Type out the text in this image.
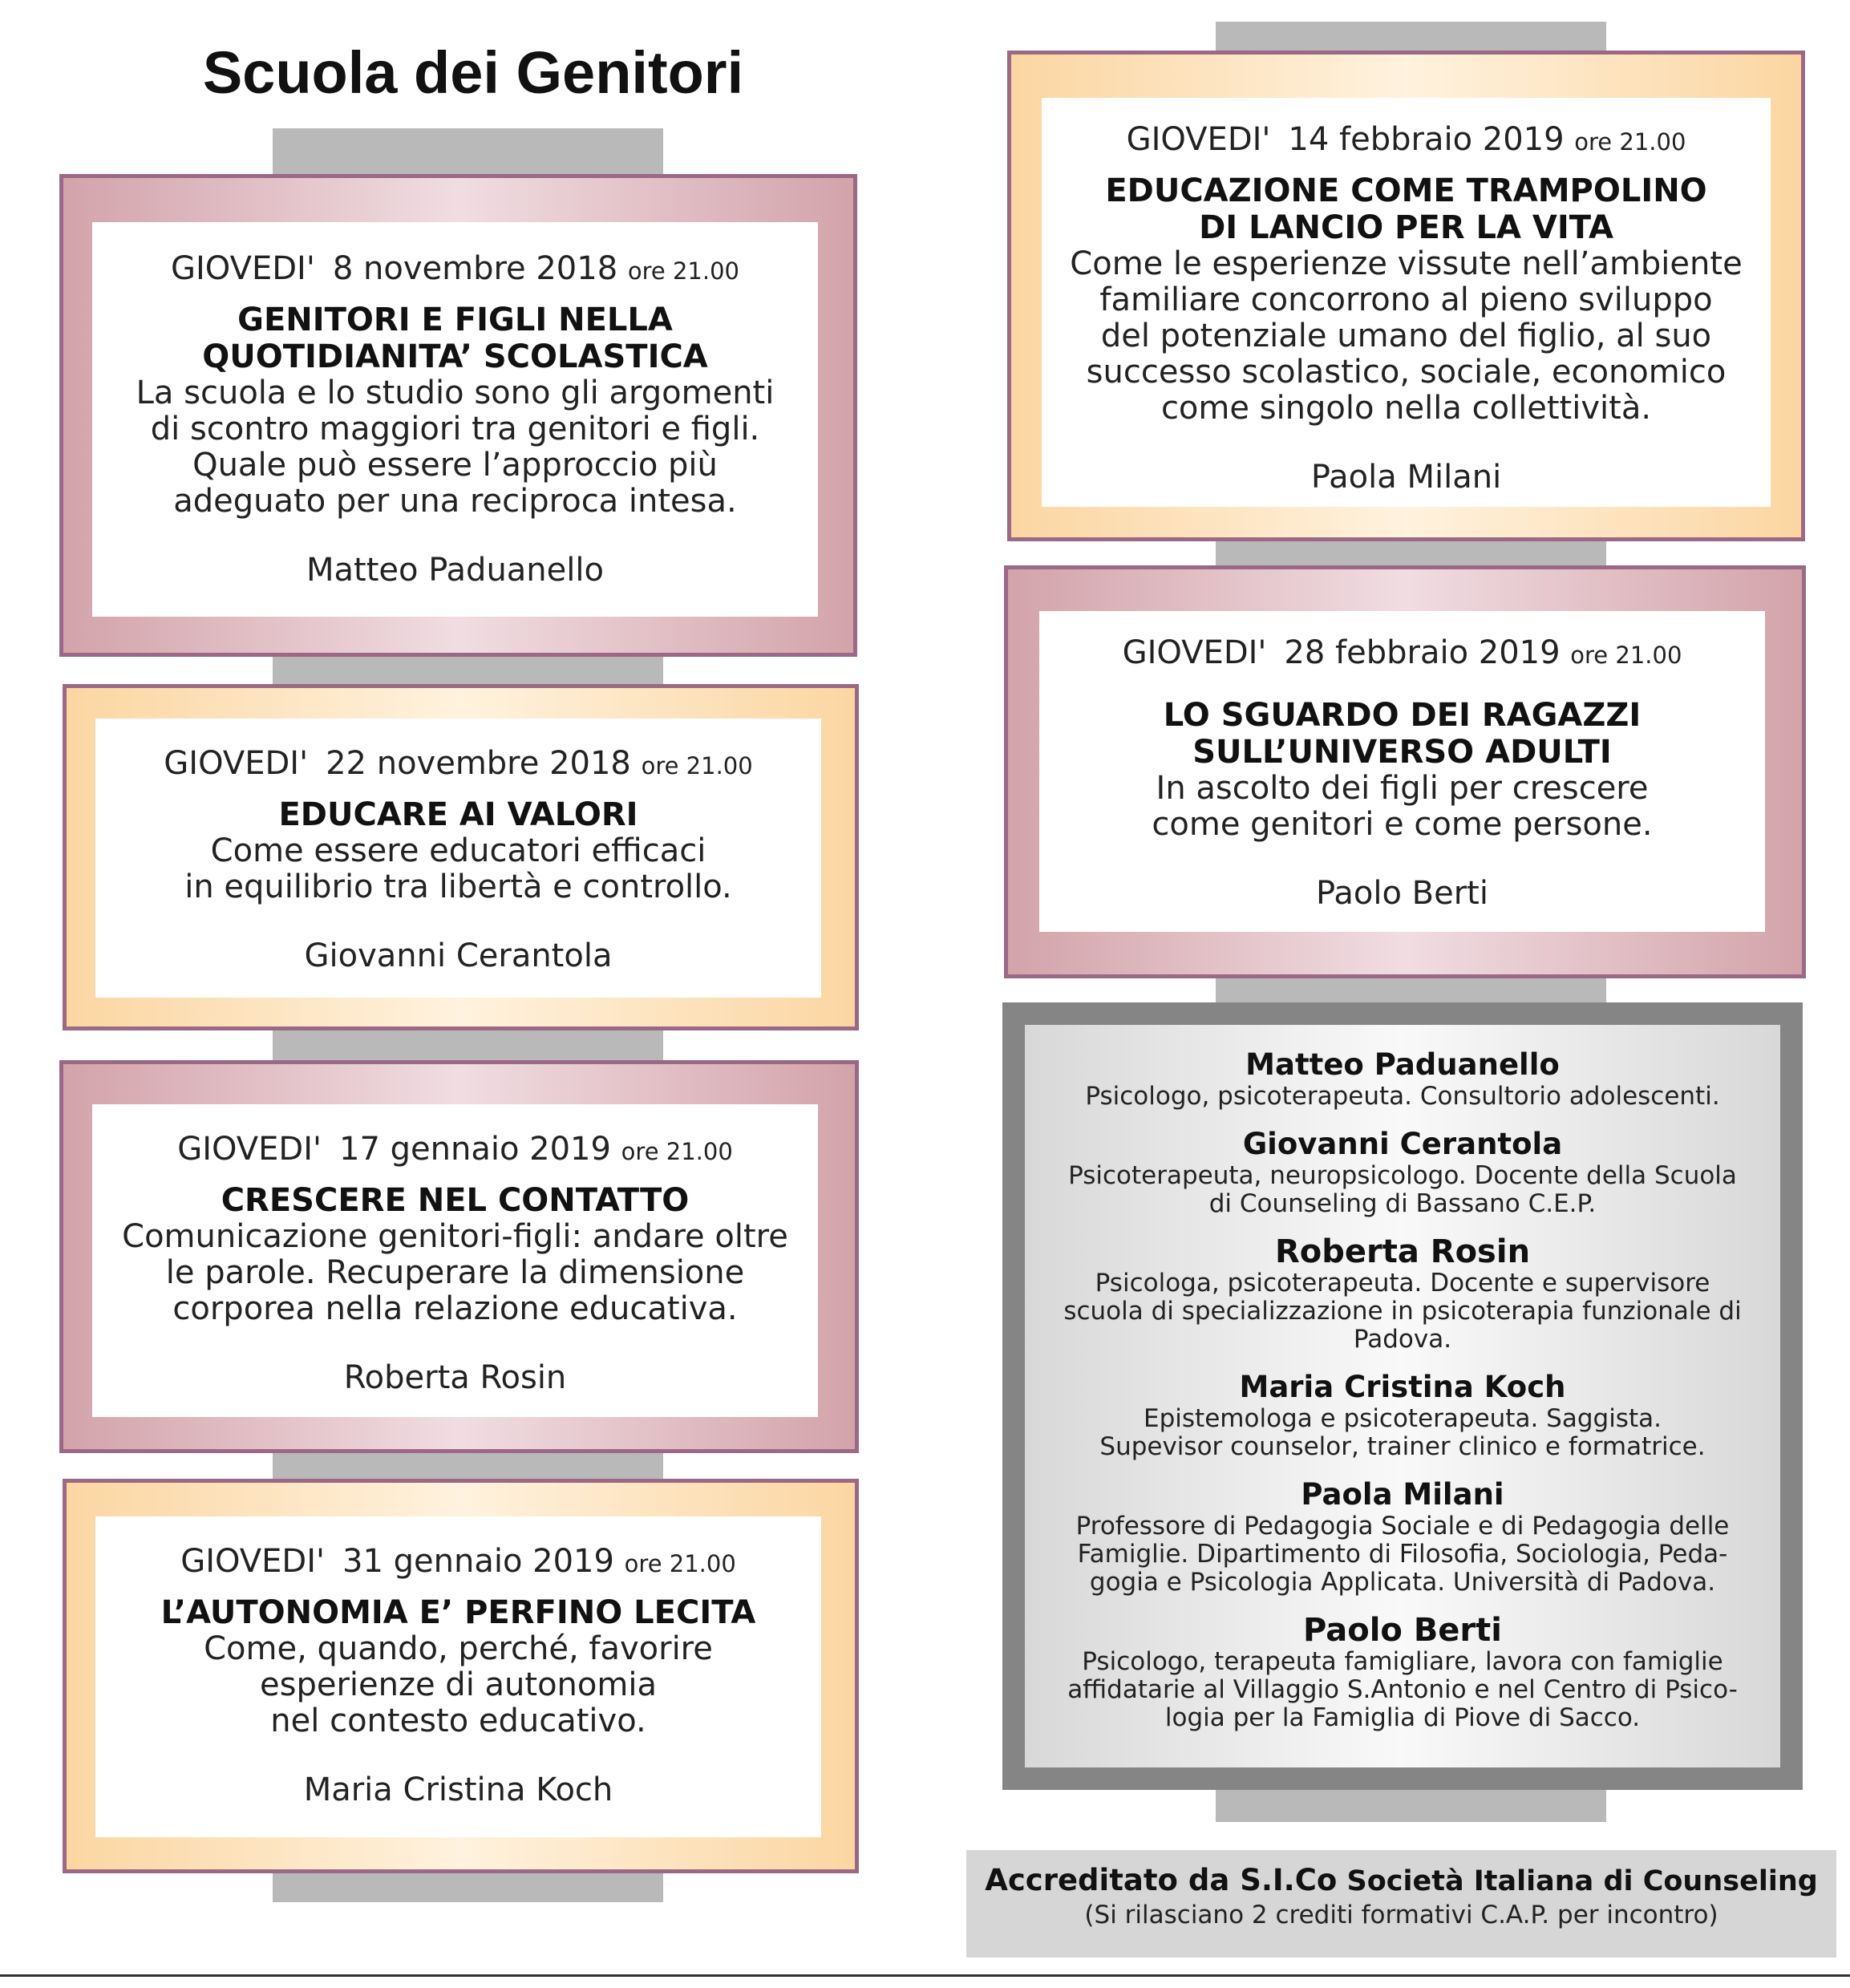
Scuola dei Genitori
GIOVEDI' 8 novembre 2018 ore 21.00
GENITORI E FIGLI NELLA
QUOTIDIANITA’ SCOLASTICA
La scuola e lo studio sono gli argomenti
di scontro maggiori tra genitori e figli.
Quale può essere l’approccio più
adeguato per una reciproca intesa.
Matteo Paduanello
GIOVEDI' 22 novembre 2018 ore 21.00
EDUCARE AI VALORI
Come essere educatori efficaci
in equilibrio tra libertà e controllo.
Giovanni Cerantola
GIOVEDI' 17 gennaio 2019 ore 21.00
CRESCERE NEL CONTATTO
Comunicazione genitori-figli: andare oltre
le parole. Recuperare la dimensione
corporea nella relazione educativa.
Roberta Rosin
GIOVEDI' 31 gennaio 2019 ore 21.00
L’AUTONOMIA E’ PERFINO LECITA
Come, quando, perché, favorire
esperienze di autonomia
nel contesto educativo.
Maria Cristina Koch
GIOVEDI' 14 febbraio 2019 ore 21.00
EDUCAZIONE COME TRAMPOLINO
DI LANCIO PER LA VITA
Come le esperienze vissute nell’ambiente
familiare concorrono al pieno sviluppo
del potenziale umano del figlio, al suo
successo scolastico, sociale, economico
come singolo nella collettività.
Paola Milani
GIOVEDI' 28 febbraio 2019 ore 21.00
LO SGUARDO DEI RAGAZZI
SULL’UNIVERSO ADULTI
In ascolto dei figli per crescere
come genitori e come persone.
Paolo Berti
Matteo Paduanello
Psicologo, psicoterapeuta. Consultorio adolescenti.
Giovanni Cerantola
Psicoterapeuta, neuropsicologo. Docente della Scuola
di Counseling di Bassano C.E.P.
Roberta Rosin
Psicologa, psicoterapeuta. Docente e supervisore
scuola di specializzazione in psicoterapia funzionale di
Padova.
Maria Cristina Koch
Epistemologa e psicoterapeuta. Saggista.
Supevisor counselor, trainer clinico e formatrice.
Paola Milani
Professore di Pedagogia Sociale e di Pedagogia delle
Famiglie. Dipartimento di Filosofia, Sociologia, Peda-
gogia e Psicologia Applicata. Università di Padova.
Paolo Berti
Psicologo, terapeuta famigliare, lavora con famiglie
affidatarie al Villaggio S.Antonio e nel Centro di Psico-
logia per la Famiglia di Piove di Sacco.
Accreditato da S.I.Co Società Italiana di Counseling
(Si rilasciano 2 crediti formativi C.A.P. per incontro)
